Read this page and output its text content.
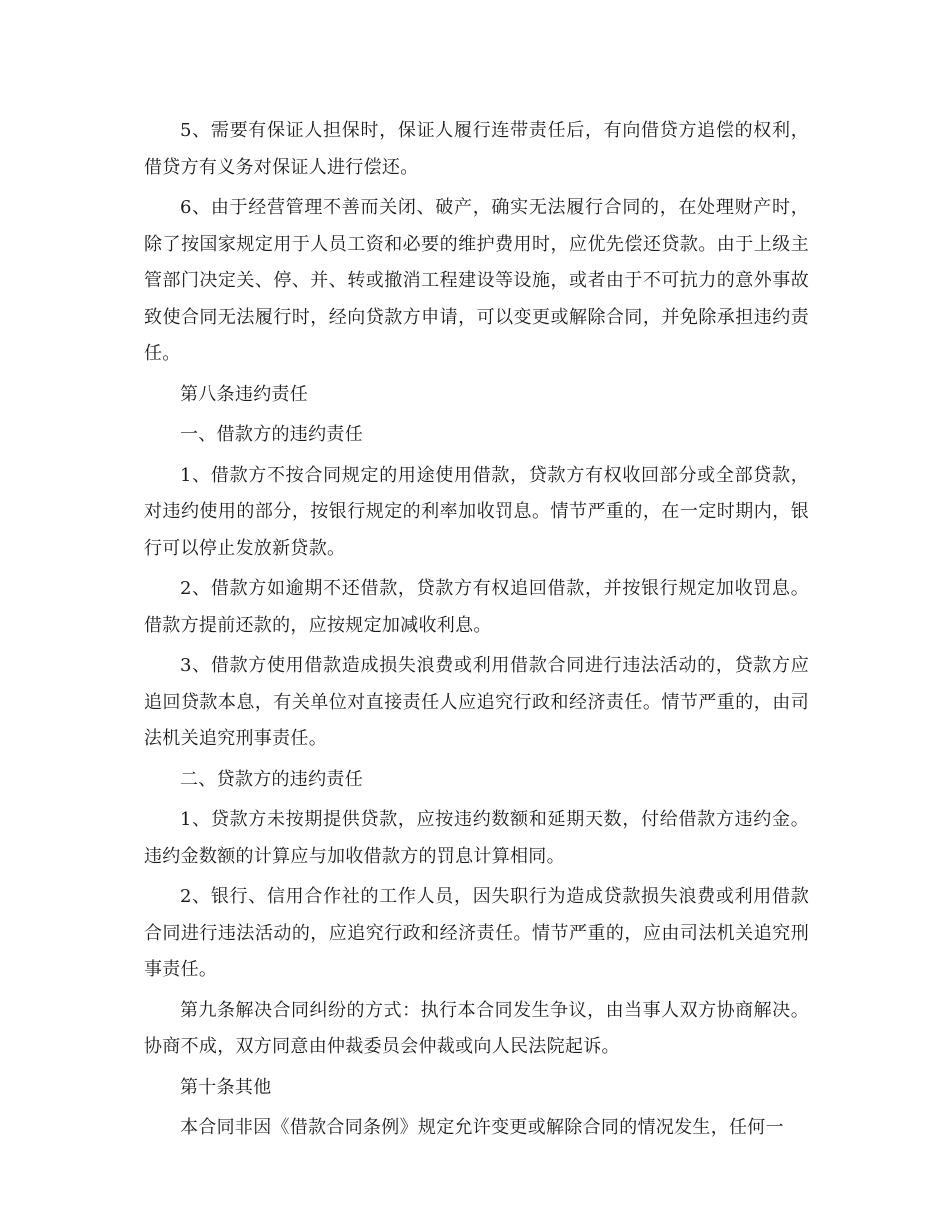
5、需要有保证人担保时，保证人履行连带责任后，有向借贷方追偿的权利，借贷方有义务对保证人进行偿还。

6、由于经营管理不善而关闭、破产，确实无法履行合同的，在处理财产时，除了按国家规定用于人员工资和必要的维护费用时，应优先偿还贷款。由于上级主管部门决定关、停、并、转或撤消工程建设等设施，或者由于不可抗力的意外事故致使合同无法履行时，经向贷款方申请，可以变更或解除合同，并免除承担违约责任。

第八条违约责任

一、借款方的违约责任

1、借款方不按合同规定的用途使用借款，贷款方有权收回部分或全部贷款，对违约使用的部分，按银行规定的利率加收罚息。情节严重的，在一定时期内，银行可以停止发放新贷款。

2、借款方如逾期不还借款，贷款方有权追回借款，并按银行规定加收罚息。借款方提前还款的，应按规定加减收利息。

3、借款方使用借款造成损失浪费或利用借款合同进行违法活动的，贷款方应追回贷款本息，有关单位对直接责任人应追究行政和经济责任。情节严重的，由司法机关追究刑事责任。

二、贷款方的违约责任

1、贷款方未按期提供贷款，应按违约数额和延期天数，付给借款方违约金。违约金数额的计算应与加收借款方的罚息计算相同。

2、银行、信用合作社的工作人员，因失职行为造成贷款损失浪费或利用借款合同进行违法活动的，应追究行政和经济责任。情节严重的，应由司法机关追究刑事责任。

第九条解决合同纠纷的方式：执行本合同发生争议，由当事人双方协商解决。协商不成，双方同意由仲裁委员会仲裁或向人民法院起诉。

第十条其他

本合同非因《借款合同条例》规定允许变更或解除合同的情况发生，任何一
